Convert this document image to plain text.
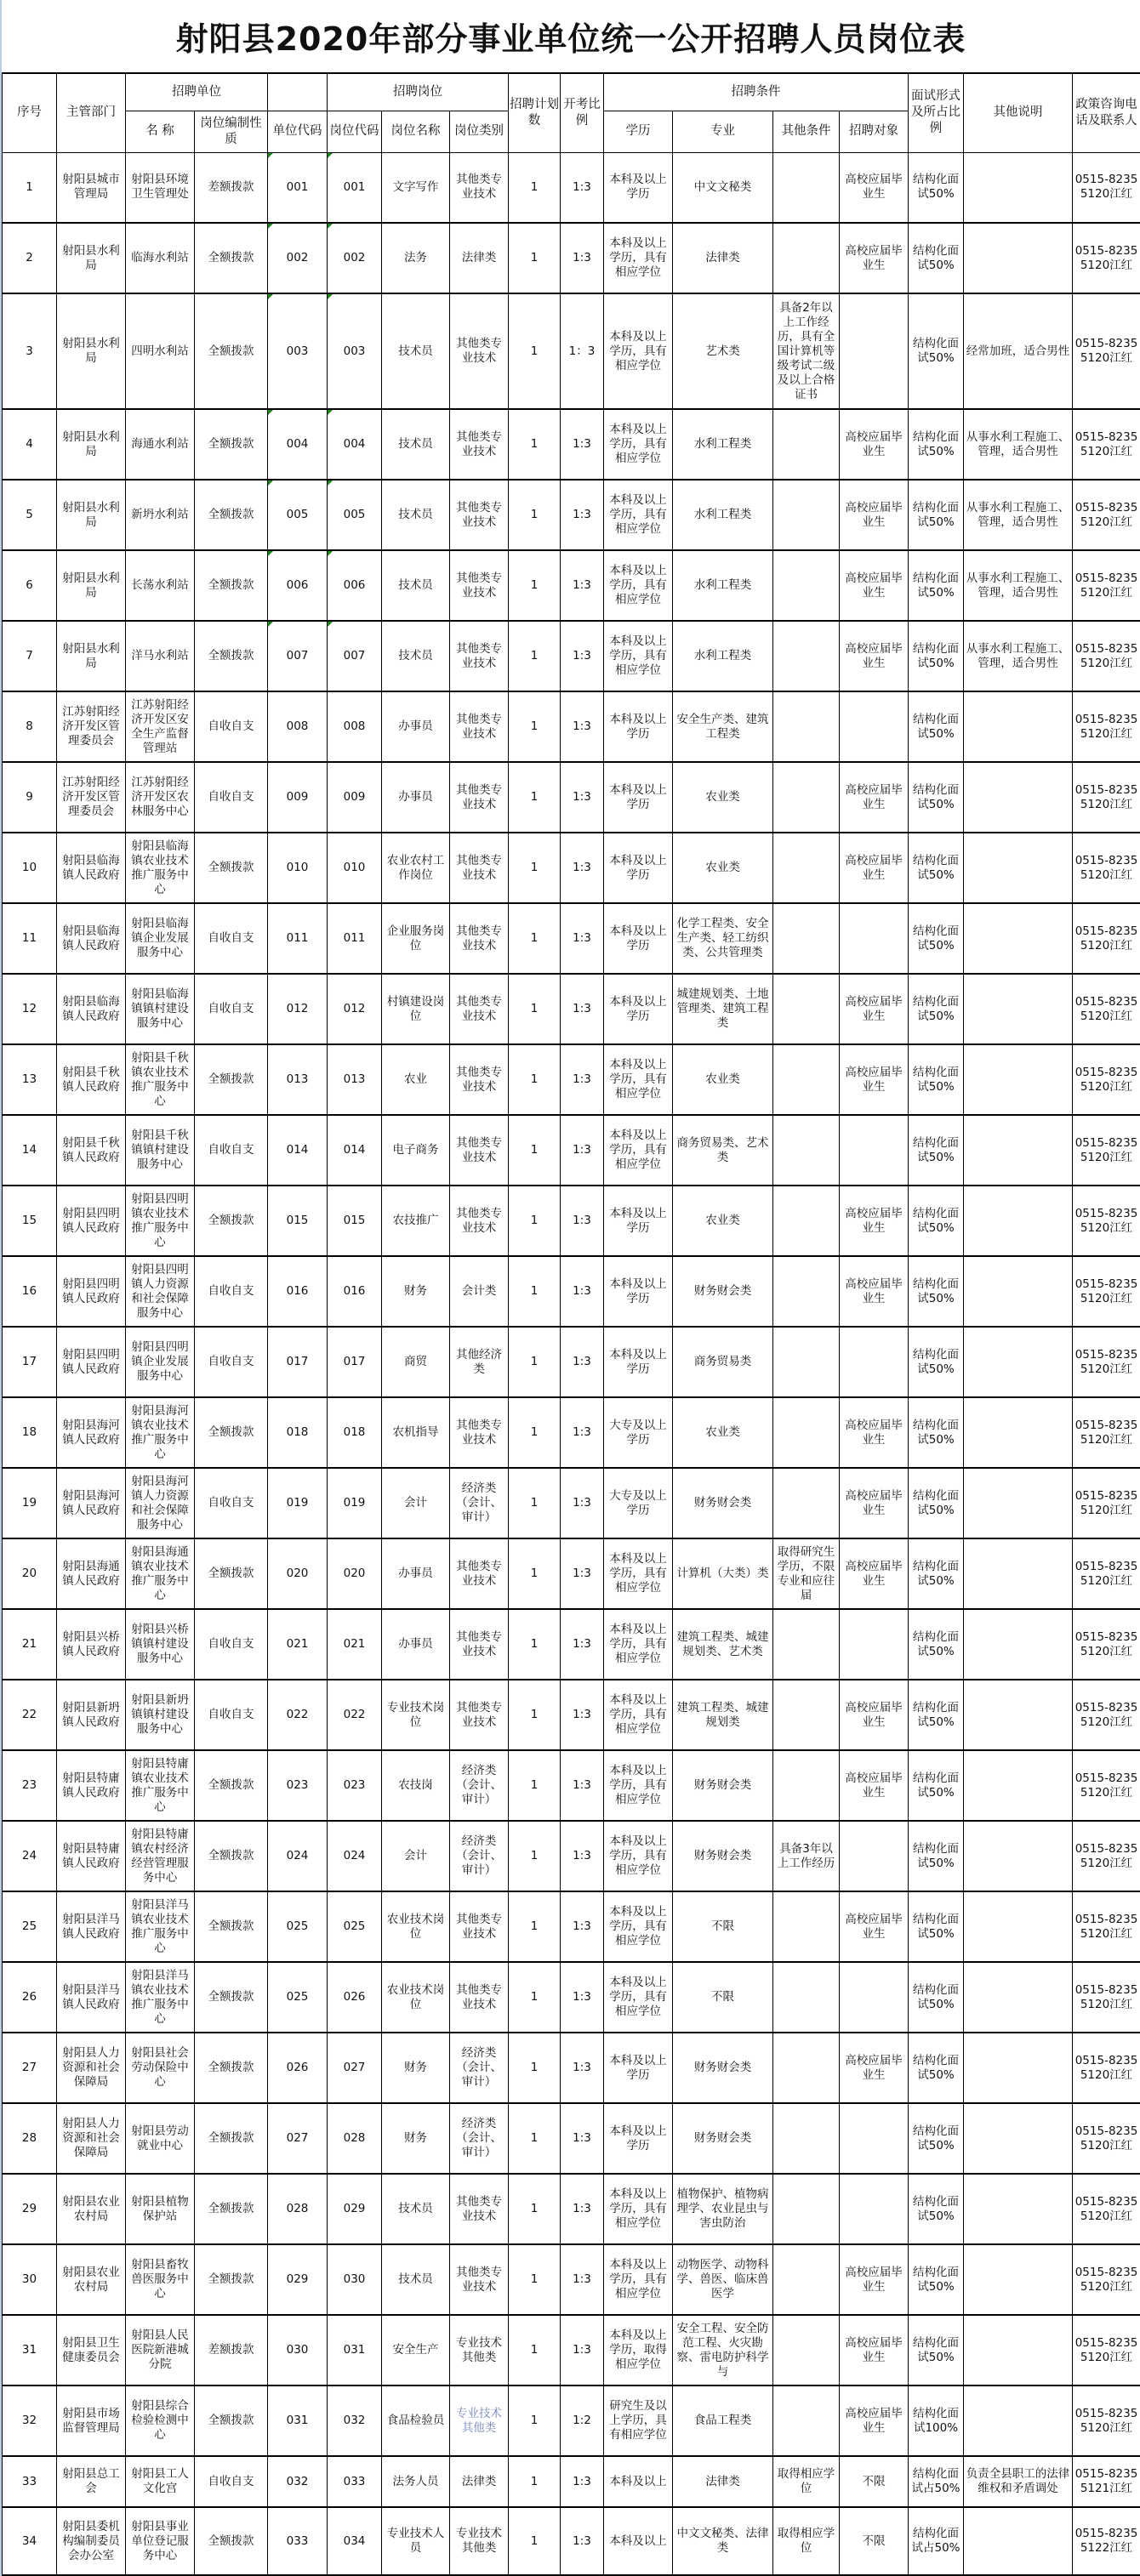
射阳县2020年部分事业单位统一公开招聘人员岗位表
序号	主管部门	招聘单位			招聘岗位			招聘计划数	开考比例	招聘条件				面试形式及所占比例	其他说明	政策咨询电话及联系人
		名 称	岗位编制性质	单位代码	岗位代码	岗位名称	岗位类别			学历	专业	其他条件	招聘对象			

1	射阳县城市管理局	射阳县环境卫生管理处	差额拨款	001	001	文字写作	其他类专业技术	1	1:3	本科及以上学历	中文文秘类		高校应届毕业生	结构化面试50%		0515-82355120江红

2	射阳县水利局	临海水利站	全额拨款	002	002	法务	法律类	1	1:3	本科及以上学历，具有相应学位	法律类		高校应届毕业生	结构化面试50%		0515-82355120江红

3	射阳县水利局	四明水利站	全额拨款	003	003	技术员	其他类专业技术	1	1：3	本科及以上学历，具有相应学位	艺术类	具备2年以上工作经历，具有全国计算机等级考试二级及以上合格证书		结构化面试50%	经常加班，适合男性	0515-82355120江红

4	射阳县水利局	海通水利站	全额拨款	004	004	技术员	其他类专业技术	1	1:3	本科及以上学历，具有相应学位	水利工程类		高校应届毕业生	结构化面试50%	从事水利工程施工、管理，适合男性	0515-82355120江红

5	射阳县水利局	新坍水利站	全额拨款	005	005	技术员	其他类专业技术	1	1:3	本科及以上学历，具有相应学位	水利工程类		高校应届毕业生	结构化面试50%	从事水利工程施工、管理，适合男性	0515-82355120江红

6	射阳县水利局	长荡水利站	全额拨款	006	006	技术员	其他类专业技术	1	1:3	本科及以上学历，具有相应学位	水利工程类		高校应届毕业生	结构化面试50%	从事水利工程施工、管理，适合男性	0515-82355120江红

7	射阳县水利局	洋马水利站	全额拨款	007	007	技术员	其他类专业技术	1	1:3	本科及以上学历，具有相应学位	水利工程类		高校应届毕业生	结构化面试50%	从事水利工程施工、管理，适合男性	0515-82355120江红

8	江苏射阳经济开发区管理委员会	江苏射阳经济开发区安全生产监督管理站	自收自支	008	008	办事员	其他类专业技术	1	1:3	本科及以上学历	安全生产类、建筑工程类			结构化面试50%		0515-82355120江红

9	江苏射阳经济开发区管理委员会	江苏射阳经济开发区农林服务中心	自收自支	009	009	办事员	其他类专业技术	1	1:3	本科及以上学历	农业类		高校应届毕业生	结构化面试50%		0515-82355120江红

10	射阳县临海镇人民政府	射阳县临海镇农业技术推广服务中心	全额拨款	010	010	农业农村工作岗位	其他类专业技术	1	1:3	本科及以上学历	农业类		高校应届毕业生	结构化面试50%		0515-82355120江红

11	射阳县临海镇人民政府	射阳县临海镇企业发展服务中心	自收自支	011	011	企业服务岗位	其他类专业技术	1	1:3	本科及以上学历	化学工程类、安全生产类、轻工纺织类、公共管理类			结构化面试50%		0515-82355120江红

12	射阳县临海镇人民政府	射阳县临海镇镇村建设服务中心	自收自支	012	012	村镇建设岗位	其他类专业技术	1	1:3	本科及以上学历	城建规划类、土地管理类、建筑工程类		高校应届毕业生	结构化面试50%		0515-82355120江红

13	射阳县千秋镇人民政府	射阳县千秋镇农业技术推广服务中心	全额拨款	013	013	农业	其他类专业技术	1	1:3	本科及以上学历，具有相应学位	农业类		高校应届毕业生	结构化面试50%		0515-82355120江红

14	射阳县千秋镇人民政府	射阳县千秋镇镇村建设服务中心	自收自支	014	014	电子商务	其他类专业技术	1	1:3	本科及以上学历，具有相应学位	商务贸易类、艺术类			结构化面试50%		0515-82355120江红

15	射阳县四明镇人民政府	射阳县四明镇农业技术推广服务中心	全额拨款	015	015	农技推广	其他类专业技术	1	1:3	本科及以上学历	农业类		高校应届毕业生	结构化面试50%		0515-82355120江红

16	射阳县四明镇人民政府	射阳县四明镇人力资源和社会保障服务中心	自收自支	016	016	财务	会计类	1	1:3	本科及以上学历	财务财会类		高校应届毕业生	结构化面试50%		0515-82355120江红

17	射阳县四明镇人民政府	射阳县四明镇企业发展服务中心	自收自支	017	017	商贸	其他经济类	1	1:3	本科及以上学历	商务贸易类			结构化面试50%		0515-82355120江红

18	射阳县海河镇人民政府	射阳县海河镇农业技术推广服务中心	全额拨款	018	018	农机指导	其他类专业技术	1	1:3	大专及以上学历	农业类		高校应届毕业生	结构化面试50%		0515-82355120江红

19	射阳县海河镇人民政府	射阳县海河镇人力资源和社会保障服务中心	自收自支	019	019	会计	经济类（会计、审计）	1	1:3	大专及以上学历	财务财会类		高校应届毕业生	结构化面试50%		0515-82355120江红

20	射阳县海通镇人民政府	射阳县海通镇农业技术推广服务中心	全额拨款	020	020	办事员	其他类专业技术	1	1:3	本科及以上学历，具有相应学位	计算机（大类）类	取得研究生学历，不限专业和应往届	高校应届毕业生	结构化面试50%		0515-82355120江红

21	射阳县兴桥镇人民政府	射阳县兴桥镇镇村建设服务中心	自收自支	021	021	办事员	其他类专业技术	1	1:3	本科及以上学历，具有相应学位	建筑工程类、城建规划类、艺术类			结构化面试50%		0515-82355120江红

22	射阳县新坍镇人民政府	射阳县新坍镇镇村建设服务中心	自收自支	022	022	专业技术岗位	其他类专业技术	1	1:3	本科及以上学历，具有相应学位	建筑工程类、城建规划类		高校应届毕业生	结构化面试50%		0515-82355120江红

23	射阳县特庸镇人民政府	射阳县特庸镇农业技术推广服务中心	全额拨款	023	023	农技岗	经济类（会计、审计）	1	1:3	本科及以上学历，具有相应学位	财务财会类		高校应届毕业生	结构化面试50%		0515-82355120江红

24	射阳县特庸镇人民政府	射阳县特庸镇农村经济经营管理服务中心	全额拨款	024	024	会计	经济类（会计、审计）	1	1:3	本科及以上学历，具有相应学位	财务财会类	具备3年以上工作经历		结构化面试50%		0515-82355120江红

25	射阳县洋马镇人民政府	射阳县洋马镇农业技术推广服务中心	全额拨款	025	025	农业技术岗位	其他类专业技术	1	1:3	本科及以上学历，具有相应学位	不限		高校应届毕业生	结构化面试50%		0515-82355120江红

26	射阳县洋马镇人民政府	射阳县洋马镇农业技术推广服务中心	全额拨款	025	026	农业技术岗位	其他类专业技术	1	1:3	本科及以上学历，具有相应学位	不限			结构化面试50%		0515-82355120江红

27	射阳县人力资源和社会保障局	射阳县社会劳动保险中心	全额拨款	026	027	财务	经济类（会计、审计）	1	1:3	本科及以上学历	财务财会类		高校应届毕业生	结构化面试50%		0515-82355120江红

28	射阳县人力资源和社会保障局	射阳县劳动就业中心	全额拨款	027	028	财务	经济类（会计、审计）	1	1:3	本科及以上学历	财务财会类			结构化面试50%		0515-82355120江红

29	射阳县农业农村局	射阳县植物保护站	全额拨款	028	029	技术员	其他类专业技术	1	1:3	本科及以上学历，具有相应学位	植物保护、植物病理学、农业昆虫与害虫防治			结构化面试50%		0515-82355120江红

30	射阳县农业农村局	射阳县畜牧兽医服务中心	全额拨款	029	030	技术员	其他类专业技术	1	1:3	本科及以上学历，具有相应学位	动物医学、动物科学、兽医、临床兽医学		高校应届毕业生	结构化面试50%		0515-82355120江红

31	射阳县卫生健康委员会	射阳县人民医院新港城分院	差额拨款	030	031	安全生产	专业技术其他类	1	1:3	本科及以上学历，取得相应学位	安全工程、安全防范工程、火灾勘察、雷电防护科学与		高校应届毕业生	结构化面试50%		0515-82355120江红

32	射阳县市场监督管理局	射阳县综合检验检测中心	全额拨款	031	032	食品检验员	专业技术其他类	1	1:2	研究生及以上学历，具有相应学位	食品工程类		高校应届毕业生	结构化面试100%		0515-82355120江红

33	射阳县总工会	射阳县工人文化宫	自收自支	032	033	法务人员	法律类	1	1:3	本科及以上	法律类	取得相应学位	不限	结构化面试占50%	负责全县职工的法律维权和矛盾调处	0515-82355121江红

34	射阳县委机构编制委员会办公室	射阳县事业单位登记服务中心	全额拨款	033	034	专业技术人员	专业技术其他类	1	1:3	本科及以上	中文文秘类、法律类	取得相应学位	不限	结构化面试占50%		0515-82355122江红
